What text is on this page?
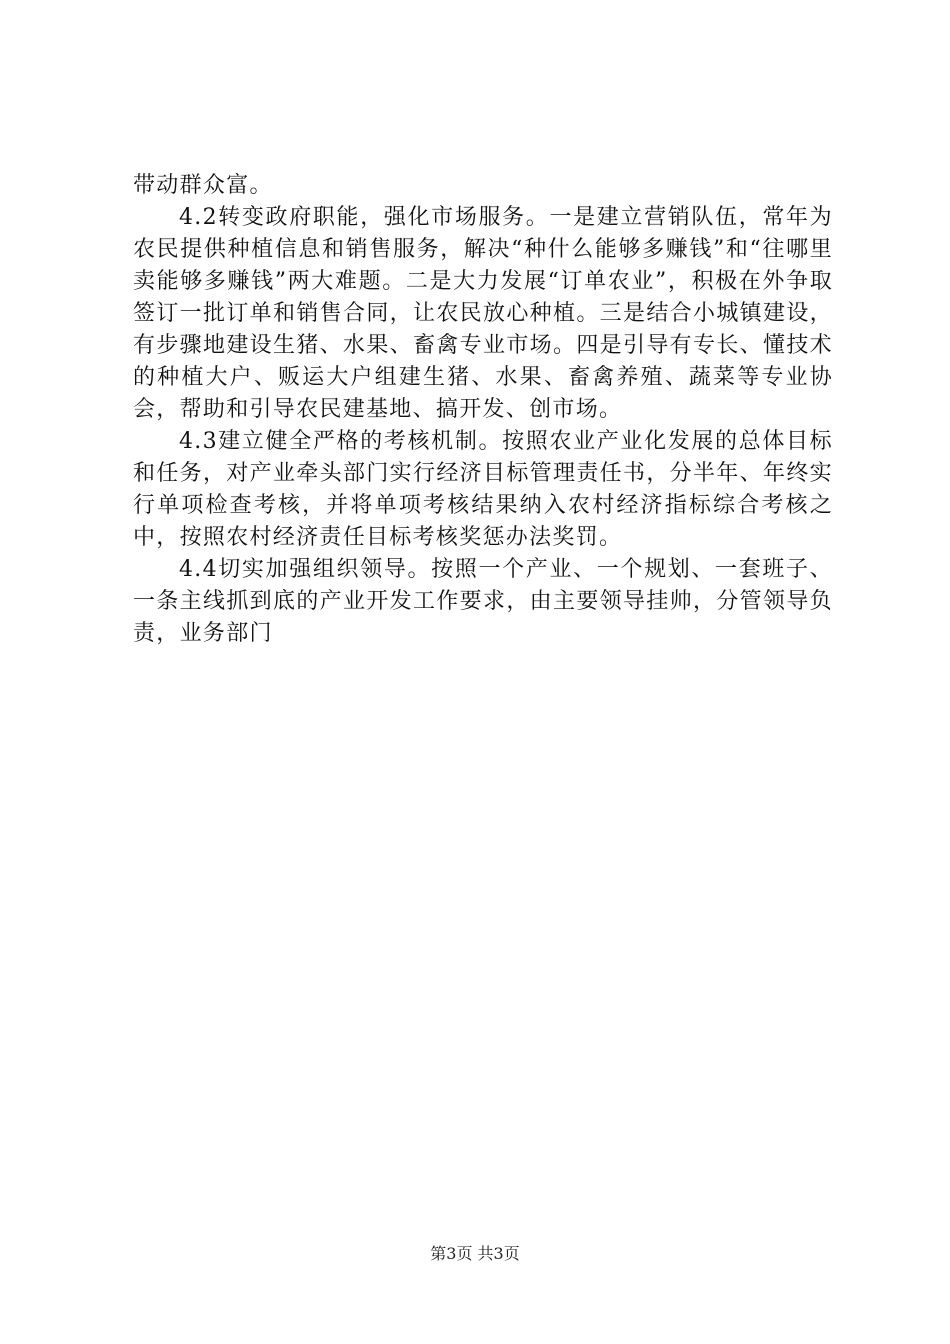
带动群众富。

4.2转变政府职能，强化市场服务。一是建立营销队伍，常年为农民提供种植信息和销售服务，解决“种什么能够多赚钱”和“往哪里卖能够多赚钱”两大难题。二是大力发展“订单农业”，积极在外争取签订一批订单和销售合同，让农民放心种植。三是结合小城镇建设，有步骤地建设生猪、水果、畜禽专业市场。四是引导有专长、懂技术的种植大户、贩运大户组建生猪、水果、畜禽养殖、蔬菜等专业协会，帮助和引导农民建基地、搞开发、创市场。

4.3建立健全严格的考核机制。按照农业产业化发展的总体目标和任务，对产业牵头部门实行经济目标管理责任书，分半年、年终实行单项检查考核，并将单项考核结果纳入农村经济指标综合考核之中，按照农村经济责任目标考核奖惩办法奖罚。

4.4切实加强组织领导。按照一个产业、一个规划、一套班子、一条主线抓到底的产业开发工作要求，由主要领导挂帅，分管领导负责，业务部门

第3页 共3页
